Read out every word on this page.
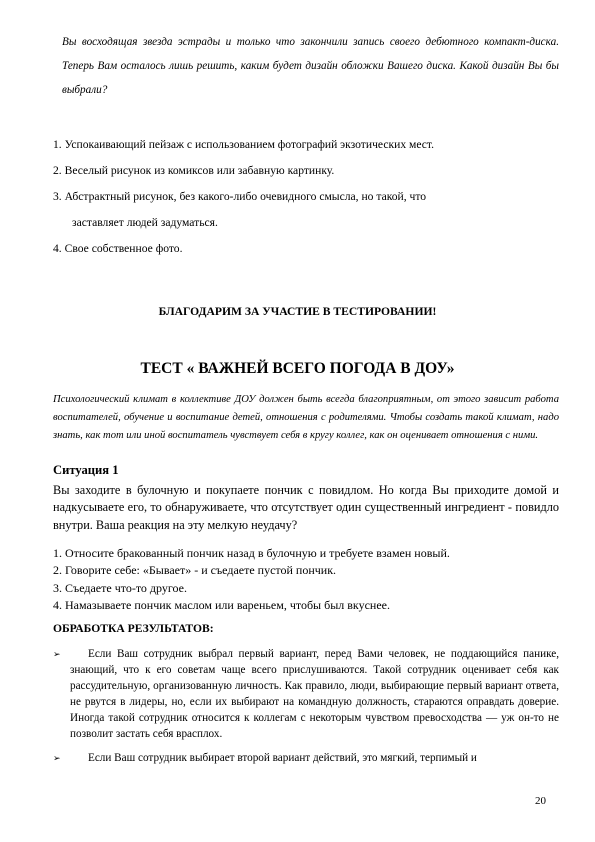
Вы восходящая звезда эстрады и только что закончили запись своего дебютного компакт-диска. Теперь Вам осталось лишь решить, каким будет дизайн обложки Вашего диска. Какой дизайн Вы бы выбрали?

1. Успокаивающий пейзаж с использованием фотографий экзотических мест.
2. Веселый рисунок из комиксов или забавную картинку.
3. Абстрактный рисунок, без какого-либо очевидного смысла, но такой, что
заставляет людей задуматься.
4. Свое собственное фото.

БЛАГОДАРИМ ЗА УЧАСТИЕ В ТЕСТИРОВАНИИ!

ТЕСТ « ВАЖНЕЙ ВСЕГО ПОГОДА В ДОУ»

Психологический климат в коллективе ДОУ должен быть всегда благоприятным, от этого зависит работа воспитателей, обучение и воспитание детей, отношения с родителями. Чтобы создать такой климат, надо знать, как тот или иной воспитатель чувствует себя в кругу коллег, как он оценивает отношения с ними.

Ситуация 1

Вы заходите в булочную и покупаете пончик с повидлом. Но когда Вы приходите домой и надкусываете его, то обнаруживаете, что отсутствует один существенный ингредиент - повидло внутри. Ваша реакция на эту мелкую неудачу?

1. Относите бракованный пончик назад в булочную и требуете взамен новый.
2. Говорите себе: «Бывает» - и съедаете пустой пончик.
3. Съедаете что-то другое.
4. Намазываете пончик маслом или вареньем, чтобы был вкуснее.

ОБРАБОТКА РЕЗУЛЬТАТОВ:

➢	Если Ваш сотрудник выбрал первый вариант, перед Вами человек, не поддающийся панике, знающий, что к его советам чаще всего прислушиваются. Такой сотрудник оценивает себя как рассудительную, организованную личность. Как правило, люди, выбирающие первый вариант ответа, не рвутся в лидеры, но, если их выбирают на командную должность, стараются оправдать доверие. Иногда такой сотрудник относится к коллегам с некоторым чувством превосходства — уж он-то не позволит застать себя врасплох.
➢	Если Ваш сотрудник выбирает второй вариант действий, это мягкий, терпимый и

20
